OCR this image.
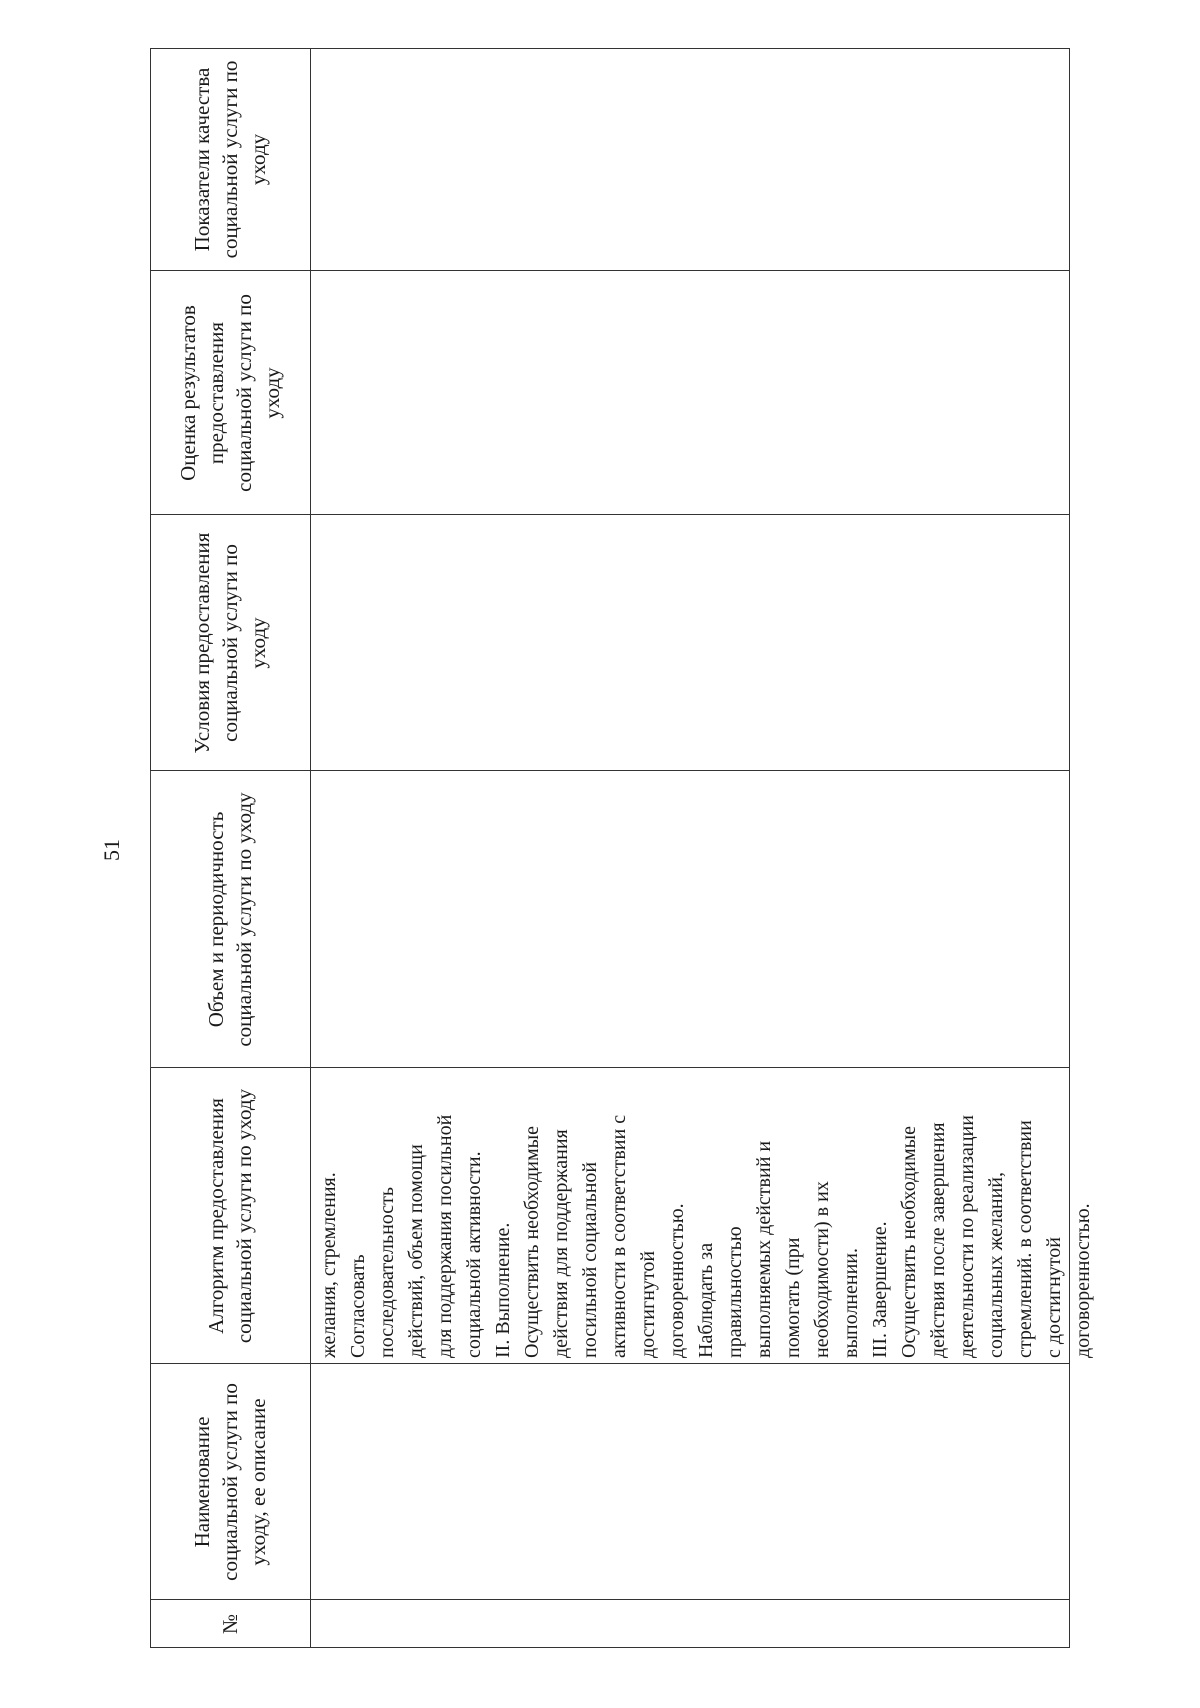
51
№
Наименование социальной услуги по уходу, ее описание
Алгоритм предоставления социальной услуги по уходу
Объем и периодичность социальной услуги по уходу
Условия предоставления социальной услуги по уходу
Оценка результатов предоставления социальной услуги по уходу
Показатели качества социальной услуги по уходу
желания, стремления. Согласовать последовательность действий, объем помощи для поддержания посильной социальной активности. II. Выполнение. Осуществить необходимые действия для поддержания посильной социальной активности в соответствии с достигнутой договоренностью. Наблюдать за правильностью выполняемых действий и помогать (при необходимости) в их выполнении. III. Завершение. Осуществить необходимые действия после завершения деятельности по реализации социальных желаний, стремлений. в соответствии с достигнутой договоренностью.
